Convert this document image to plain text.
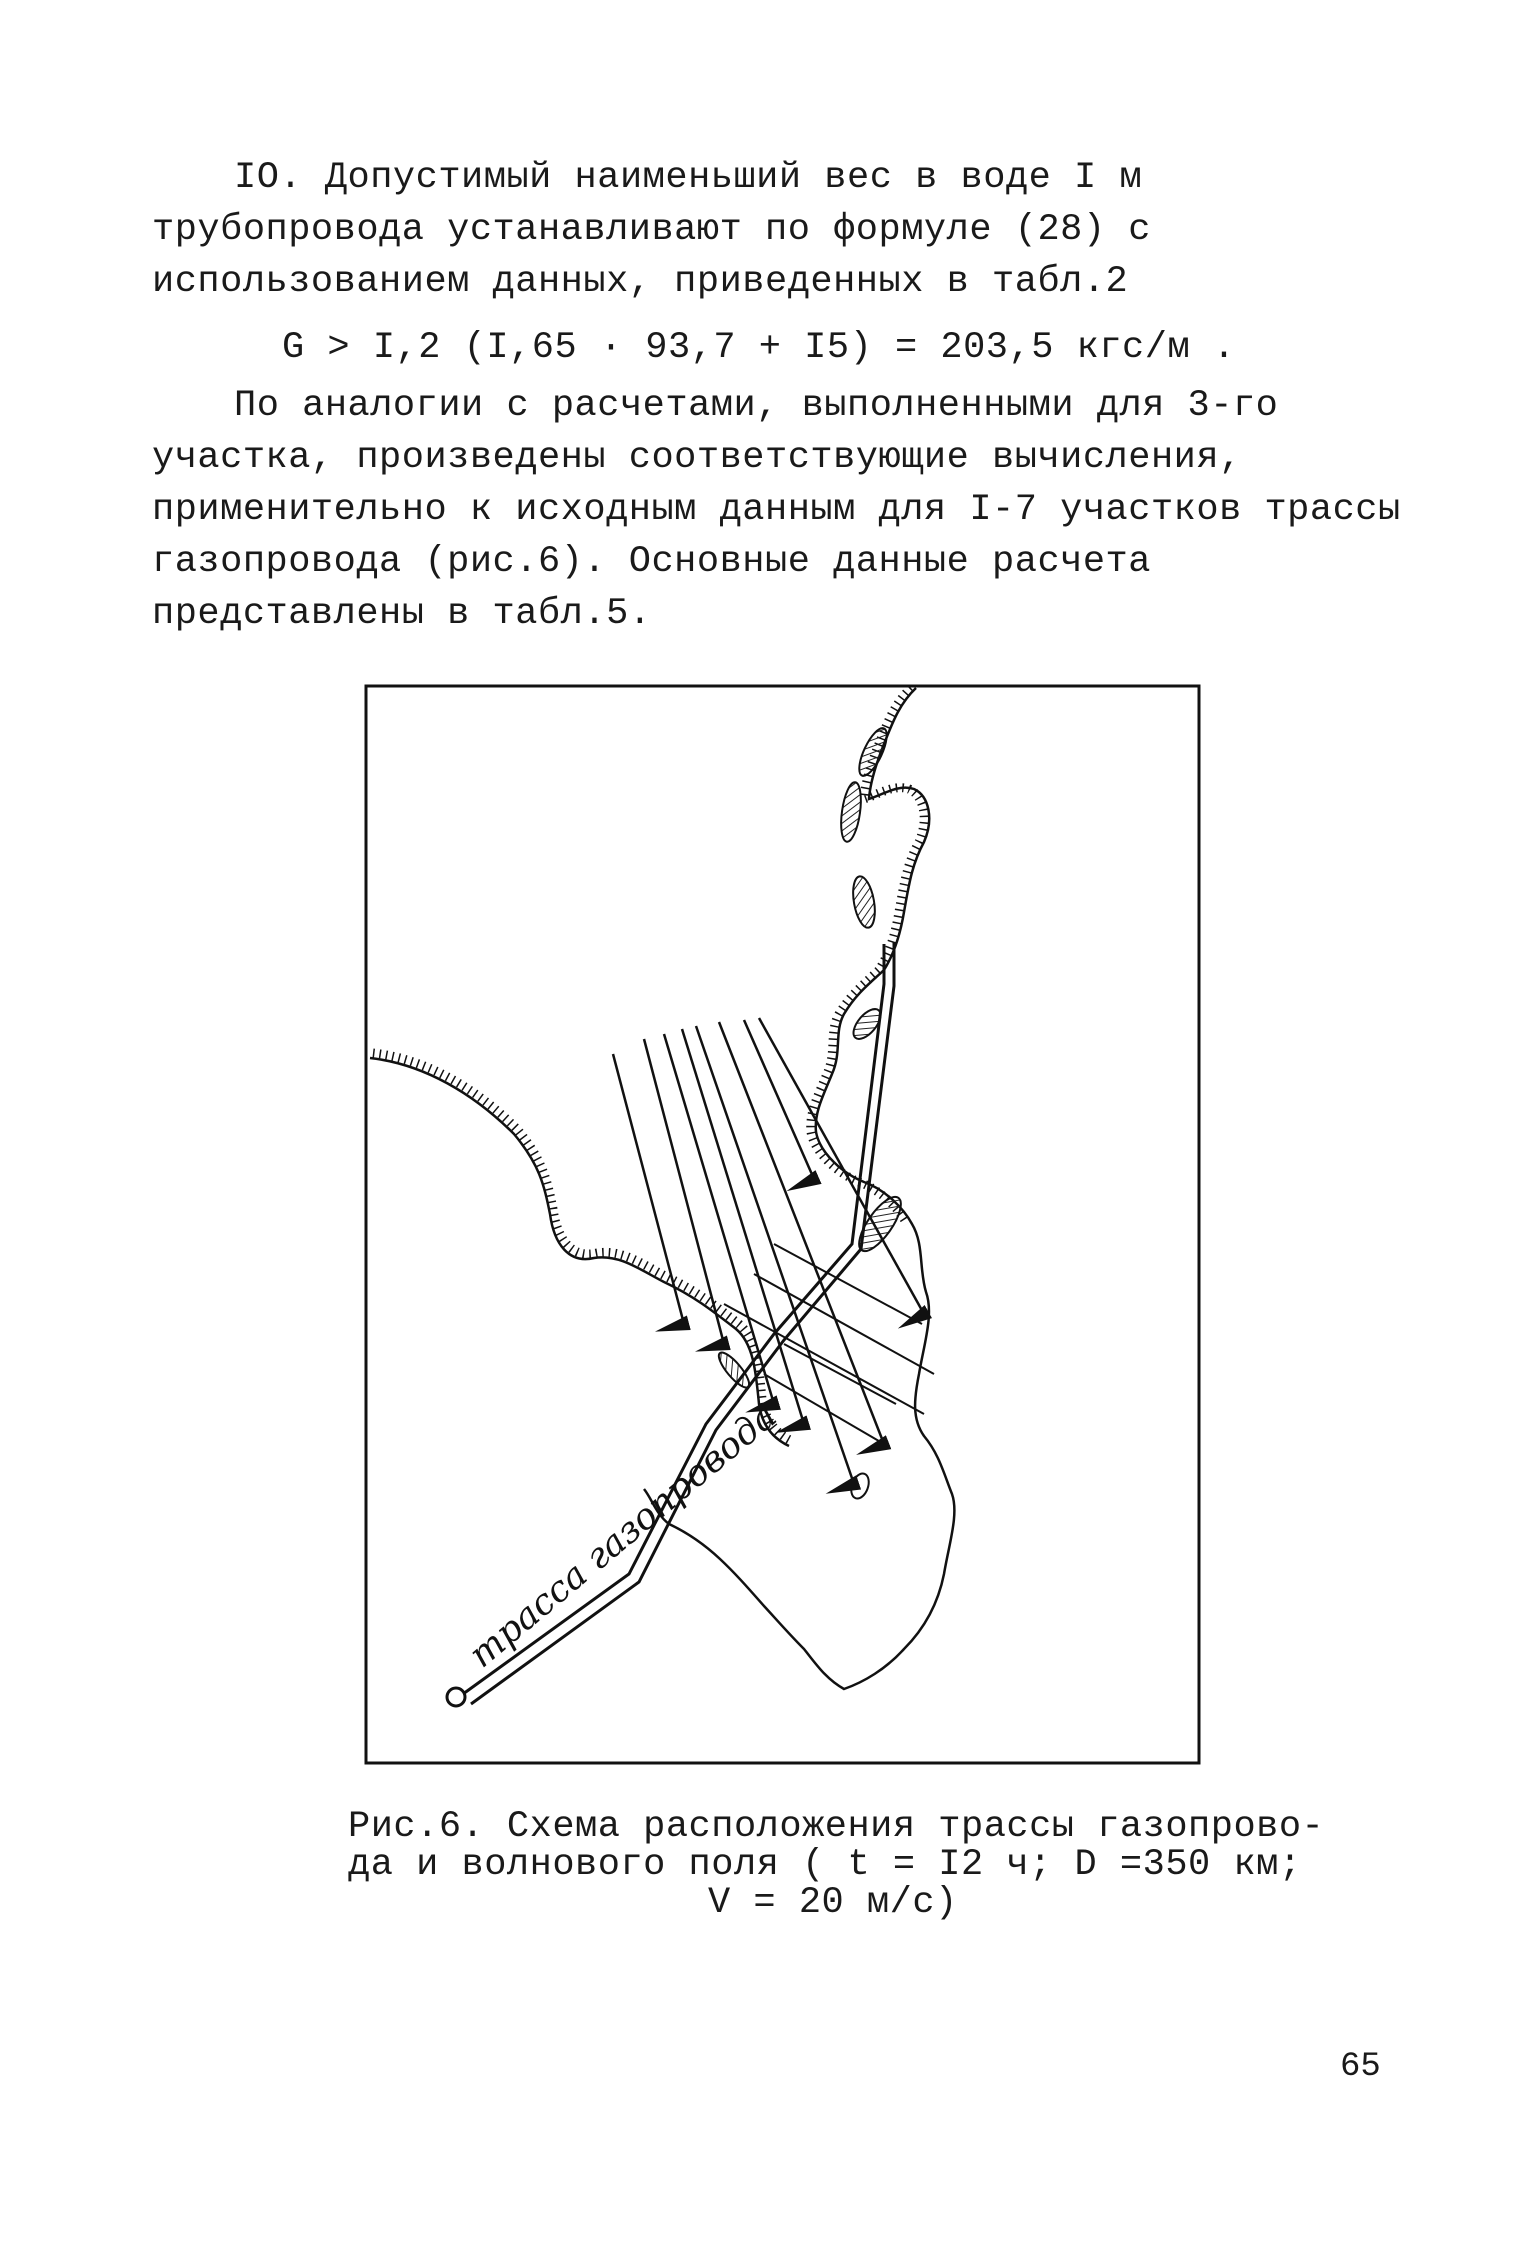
IO. Допустимый наименьший вес в воде I м трубопровода устанавливают по формуле (28) с использованием данных, приведенных в табл.2

G > I,2 (I,65 · 93,7 + I5) = 203,5 кгс/м .

По аналогии с расчетами, выполненными для 3-го участка, произведены соответствующие вычисления, применительно к исходным данным для I-7 участков трассы газопровода (рис.6). Основные данные расчета представлены в табл.5.

трасса газопровода
Рис.6. Схема расположения трассы газопрово-
да и волнового поля ( t = I2 ч; D =350 км;
V = 20 м/с)
65
